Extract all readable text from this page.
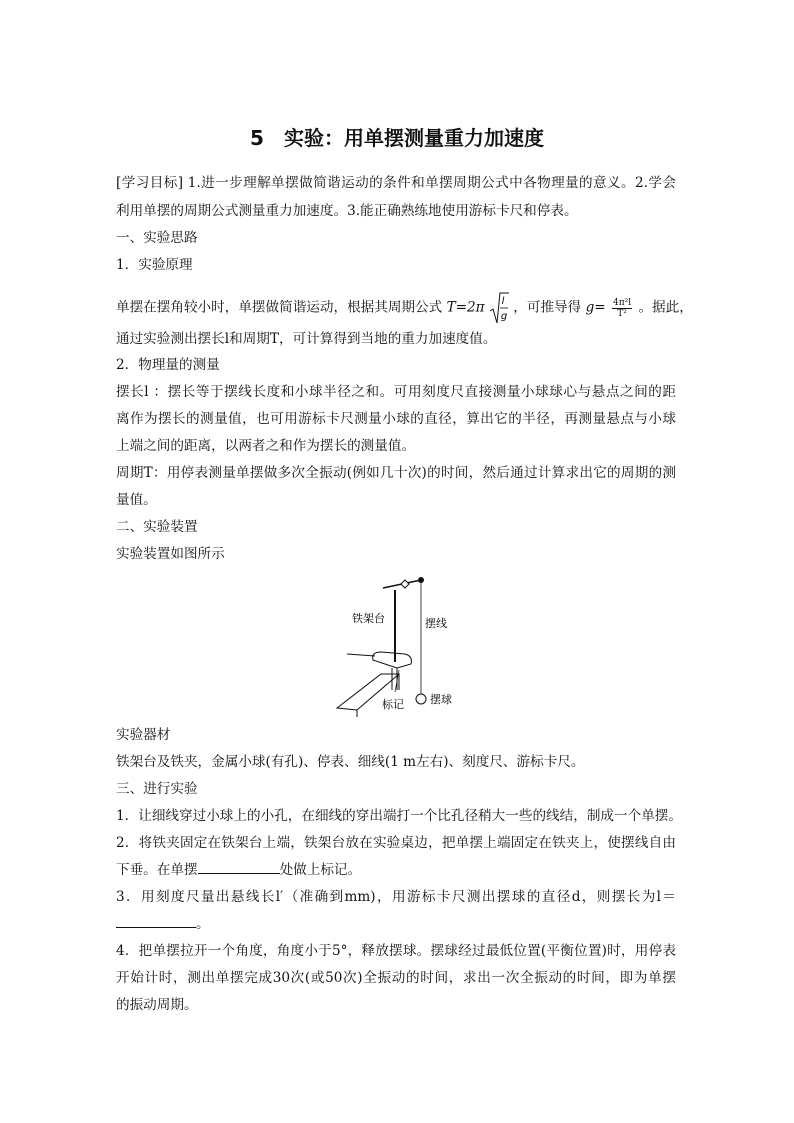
5　实验：用单摆测量重力加速度
[学习目标] 1.进一步理解单摆做简谐运动的条件和单摆周期公式中各物理量的意义。2.学会
利用单摆的周期公式测量重力加速度。3.能正确熟练地使用游标卡尺和停表。
一、实验思路
1．实验原理
单摆在摆角较小时，单摆做简谐运动，根据其周期公式 T=2π l
g
，可推导得 $g= \frac{\text{4π²l}}{\text{T²}}$ 。据此，
通过实验测出摆长l和周期T，可计算得到当地的重力加速度值。
2．物理量的测量
摆长l ：摆长等于摆线长度和小球半径之和。可用刻度尺直接测量小球球心与悬点之间的距
离作为摆长的测量值，也可用游标卡尺测量小球的直径，算出它的半径，再测量悬点与小球
上端之间的距离，以两者之和作为摆长的测量值。
周期T：用停表测量单摆做多次全振动(例如几十次)的时间，然后通过计算求出它的周期的测
量值。
二、实验装置
实验装置如图所示
铁架台	摆线
标记 摆球
实验器材
铁架台及铁夹，金属小球(有孔)、停表、细线(1 m左右)、刻度尺、游标卡尺。
三、进行实验
1．让细线穿过小球上的小孔，在细线的穿出端打一个比孔径稍大一些的线结，制成一个单摆。
2．将铁夹固定在铁架台上端，铁架台放在实验桌边，把单摆上端固定在铁夹上，使摆线自由
下垂。在单摆	处做上标记。
3．用刻度尺量出悬线长l′（准确到mm)，用游标卡尺测出摆球的直径d，则摆长为l＝
。
4．把单摆拉开一个角度，角度小于5°，释放摆球。摆球经过最低位置(平衡位置)时，用停表
开始计时，测出单摆完成30次(或50次)全振动的时间，求出一次全振动的时间，即为单摆
的振动周期。
